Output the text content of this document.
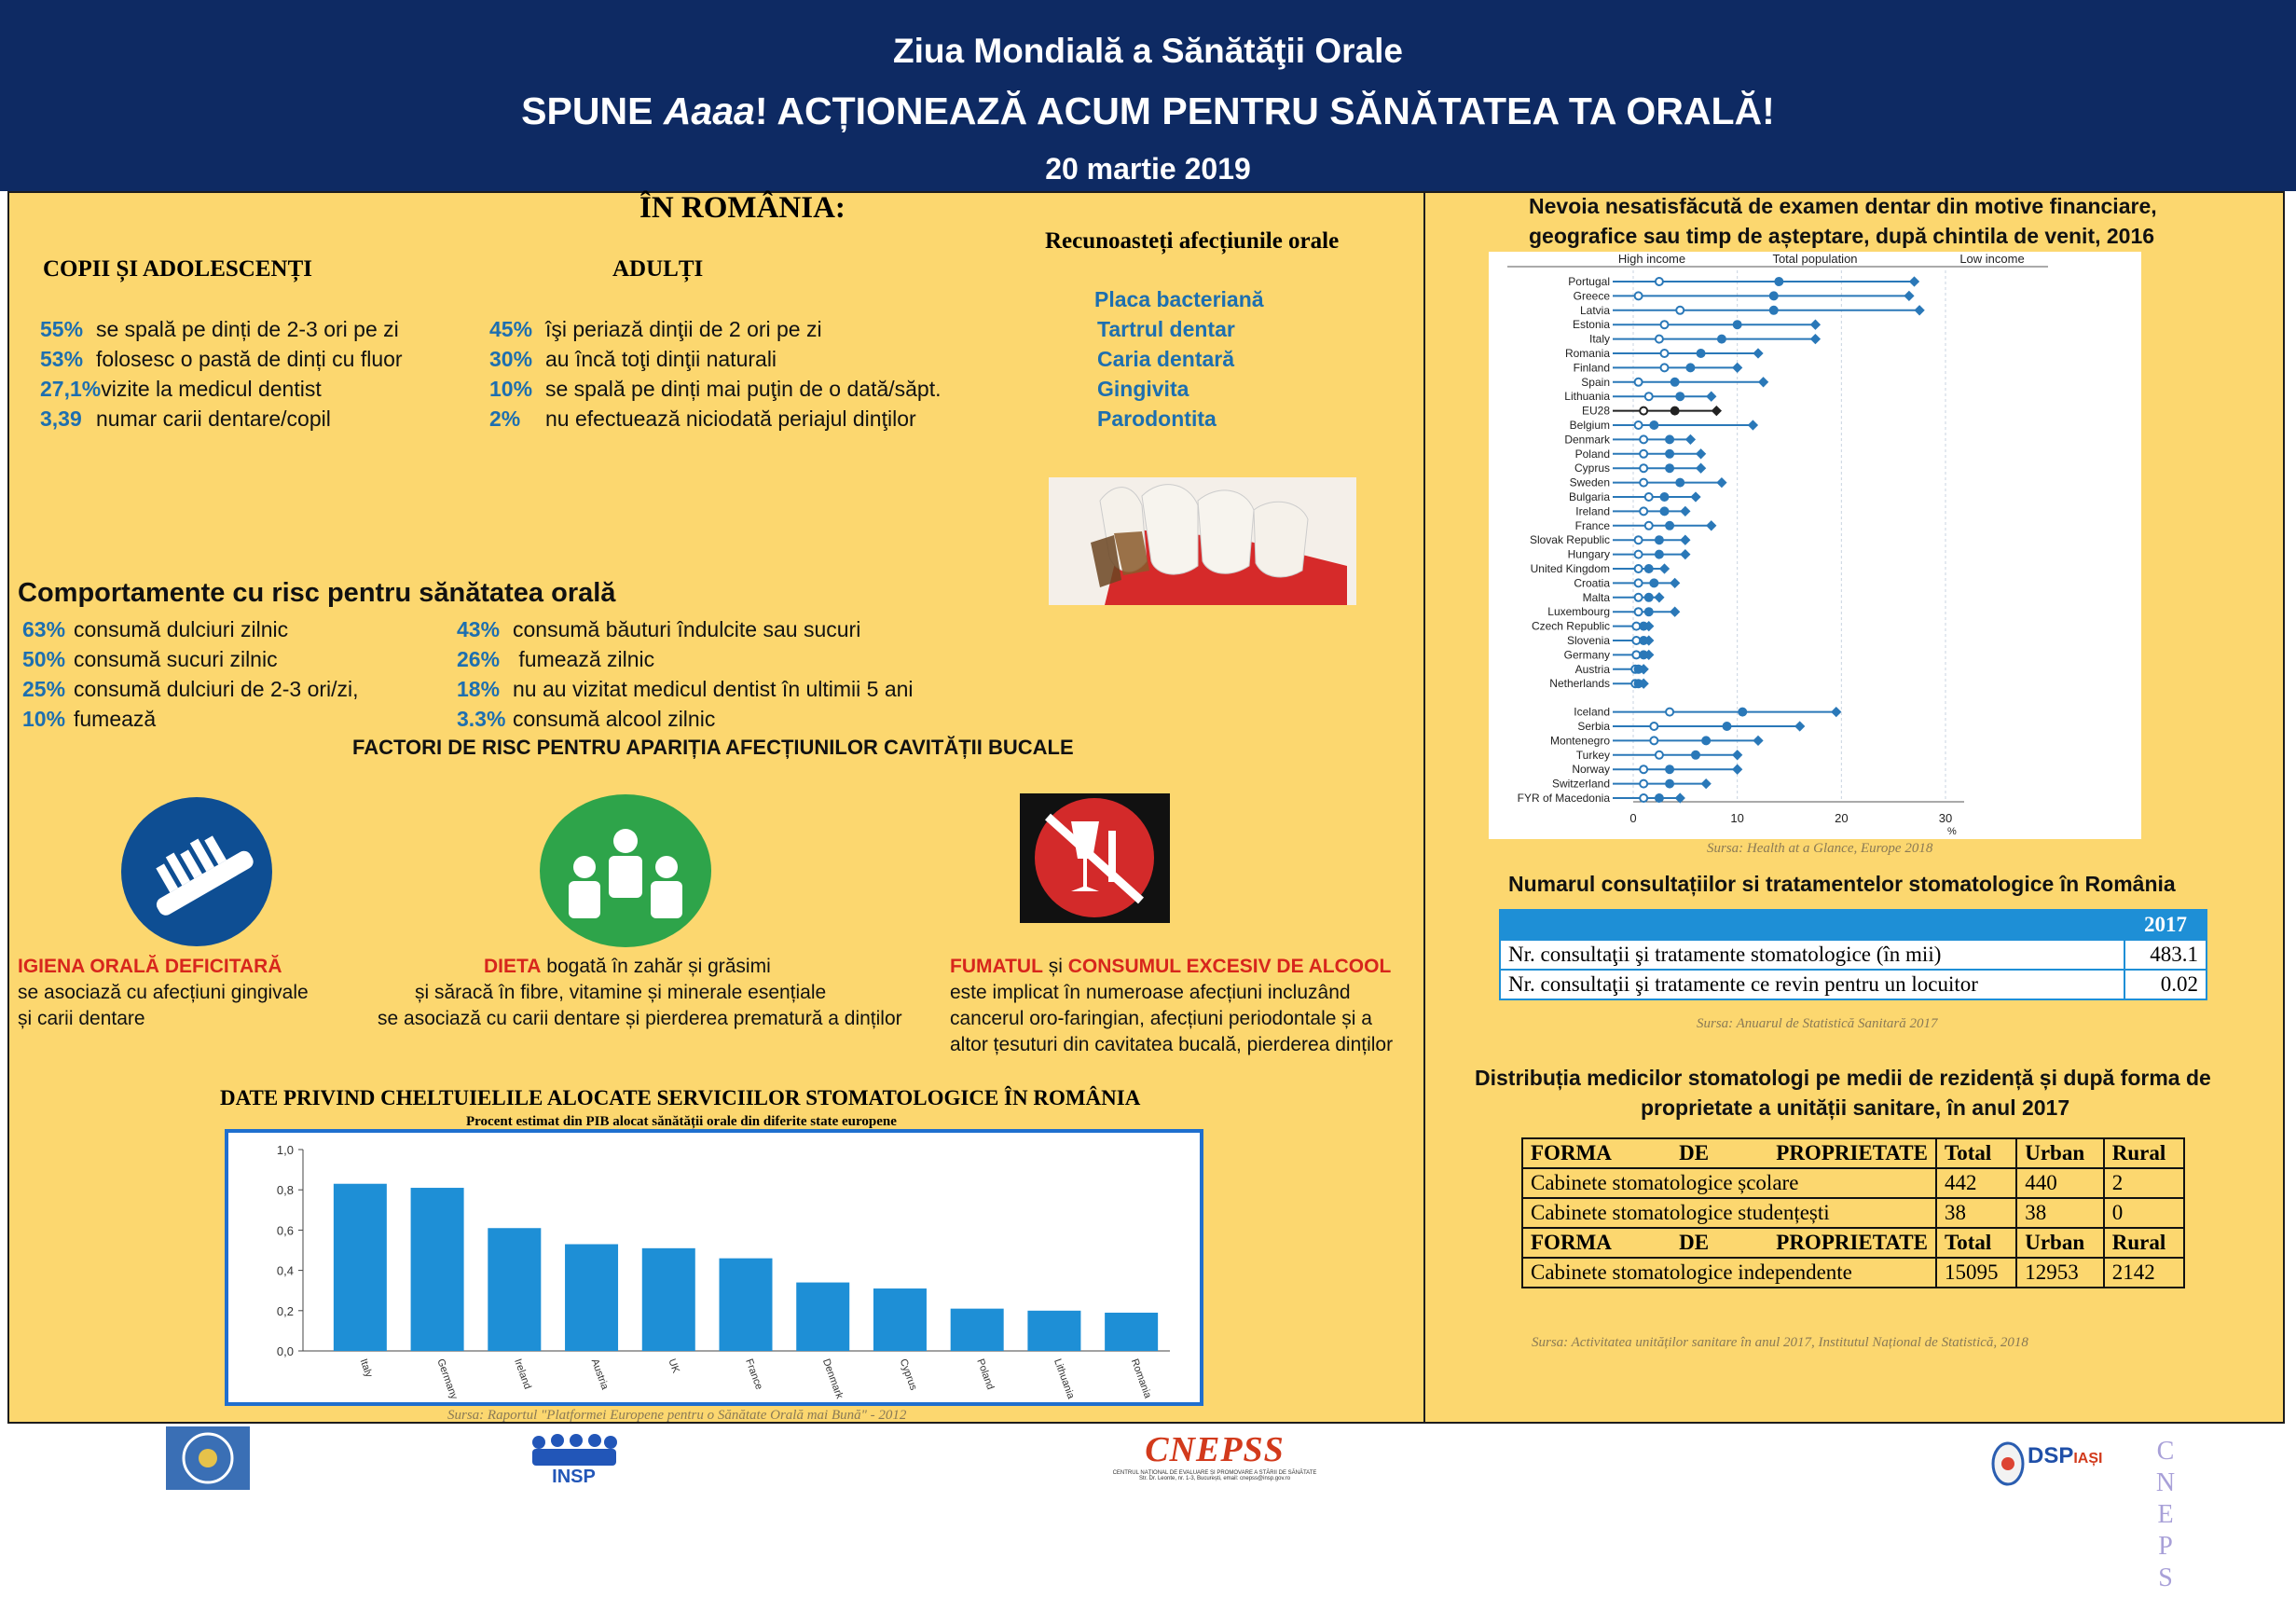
Ziua Mondială a Sănătăţii Orale
SPUNE Aaaa! ACȚIONEAZĂ ACUM PENTRU SĂNĂTATEA TA ORALĂ!
20 martie 2019
ÎN ROMÂNIA:
COPII ȘI ADOLESCENȚI	ADULȚI
55% se spală pe dinți de 2-3 ori pe zi
53% folosesc o pastă de dinți cu fluor
27,1%vizite la medicul dentist
3,39 numar carii dentare/copil
45% îşi periază dinţii de 2 ori pe zi
30% au încă toţi dinţii naturali
10% se spală pe dinți mai puţin de o dată/săpt.
2% nu efectuează niciodată periajul dinţilor
Recunoasteți afecțiunile orale
Placa bacteriană
Tartrul dentar
Caria dentară
Gingivita
Parodontita
Comportamente cu risc pentru sănătatea orală
63% consumă dulciuri zilnic
50% consumă sucuri zilnic
25% consumă dulciuri de 2-3 ori/zi,
10% fumează
43% consumă băuturi îndulcite sau sucuri
26% fumează zilnic
18% nu au vizitat medicul dentist în ultimii 5 ani
3.3% consumă alcool zilnic
FACTORI DE RISC PENTRU APARIȚIA AFECȚIUNILOR CAVITĂȚII BUCALE
IGIENA ORALĂ DEFICITARĂ
se asociază cu afecțiuni gingivale
și carii dentare
DIETA bogată în zahăr și grăsimi
și săracă în fibre, vitamine și minerale esențiale
se asociază cu carii dentare și pierderea prematură a dinților
FUMATUL și CONSUMUL EXCESIV DE ALCOOL
este implicat în numeroase afecțiuni incluzând
cancerul oro-faringian, afecțiuni periodontale și a
altor țesuturi din cavitatea bucală, pierderea dinților
DATE PRIVIND CHELTUIELILE ALOCATE SERVICIILOR STOMATOLOGICE ÎN ROMÂNIA
Procent estimat din PIB alocat sănătății orale din diferite state europene
1,0
0,8
0,6
0,4
0,2
0,0
Italy	Germany	Ireland	Austria	UK	France	Denmark	Cyprus	Poland	Lithuania	Romania
Sursa: Raportul "Platformei Europene pentru o Sănătate Orală mai Bună" - 2012
Nevoia nesatisfăcută de examen dentar din motive financiare,
geografice sau timp de așteptare, după chintila de venit, 2016
High income	Total population	Low income
0	10	20	30
%
Portugal
Greece
Latvia
Estonia
Italy
Romania
Finland
Spain
Lithuania
EU28
Belgium
Denmark
Poland
Cyprus
Sweden
Bulgaria
Ireland
France
Slovak Republic
Hungary
United Kingdom
Croatia
Malta
Luxembourg
Czech Republic
Slovenia
Germany
Austria
Netherlands
Iceland
Serbia
Montenegro
Turkey
Norway
Switzerland
FYR of Macedonia
Sursa: Health at a Glance, Europe 2018
Numarul consultațiilor si tratamentelor stomatologice în România
	2017
Nr. consultaţii şi tratamente stomatologice (în mii)	483.1
Nr. consultaţii şi tratamente ce revin pentru un locuitor	0.02
Sursa: Anuarul de Statistică Sanitară 2017
Distribuția medicilor stomatologi pe medii de rezidență și după forma de
proprietate a unității sanitare, în anul 2017
FORMA DE PROPRIETATE	Total	Urban	Rural
Cabinete stomatologice școlare	442	440	2
Cabinete stomatologice studențești	38	38	0

FORMA DE PROPRIETATE	Total	Urban	Rural
Cabinete stomatologice independente	15095	12953	2142
Sursa: Activitatea unităților sanitare în anul 2017, Institutul Național de Statistică, 2018
INSP
CNEPSS
CENTRUL NAȚIONAL DE EVALUARE ȘI PROMOVARE A STĂRII DE SĂNĂTATE
Str. Dr. Leonte, nr. 1-3, București, email: cnepss@insp.gov.ro
DSPIAȘI C
N
E
P
S
